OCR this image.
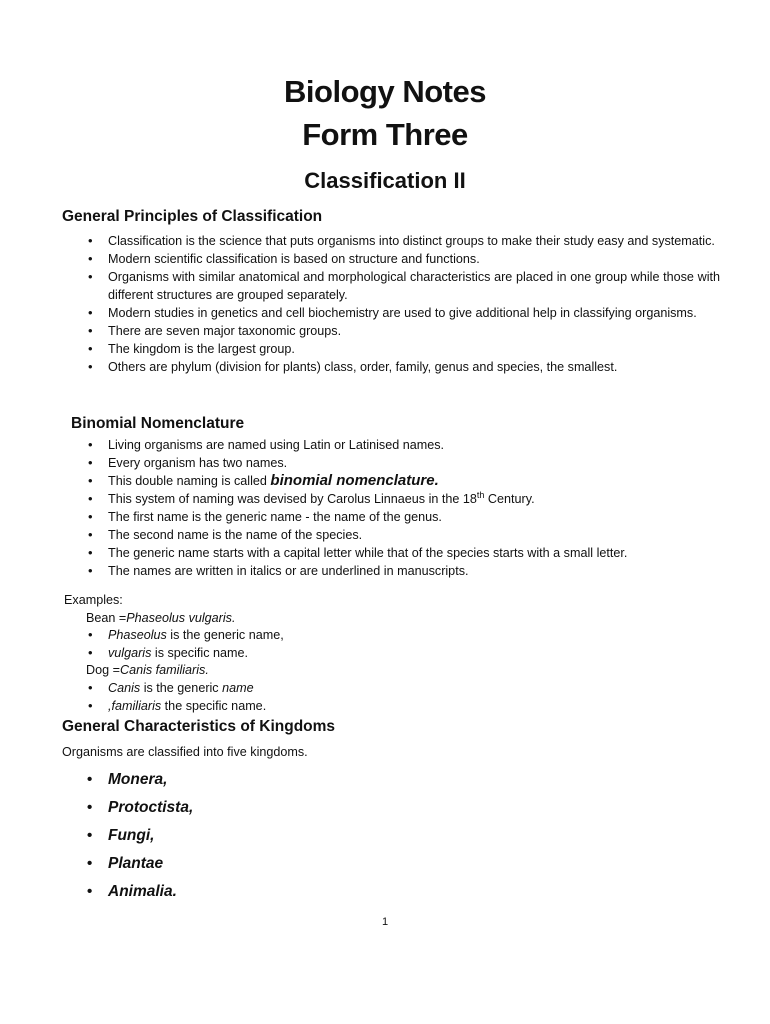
Biology Notes
Form Three
Classification II
General Principles of Classification
• Classification is the science that puts organisms into distinct groups to make their study easy and systematic.
• Modern scientific classification is based on structure and functions.
• Organisms with similar anatomical and morphological characteristics are placed in one group while those with different structures are grouped separately.
• Modern studies in genetics and cell biochemistry are used to give additional help in classifying organisms.
• There are seven major taxonomic groups.
• The kingdom is the largest group.
• Others are phylum (division for plants) class, order, family, genus and species, the smallest.
Binomial Nomenclature
• Living organisms are named using Latin or Latinised names.
• Every organism has two names.
• This double naming is called binomial nomenclature.
• This system of naming was devised by Carolus Linnaeus in the 18th Century.
• The first name is the generic name - the name of the genus.
• The second name is the name of the species.
• The generic name starts with a capital letter while that of the species starts with a small letter.
• The names are written in italics or are underlined in manuscripts.
Examples:
Bean =Phaseolus vulgaris.
• Phaseolus is the generic name,
• vulgaris is specific name.
Dog =Canis familiaris.
• Canis is the generic name
• ,familiaris the specific name.
General Characteristics of Kingdoms
Organisms are classified into five kingdoms.
• Monera,
• Protoctista,
• Fungi,
• Plantae
• Animalia.
1
